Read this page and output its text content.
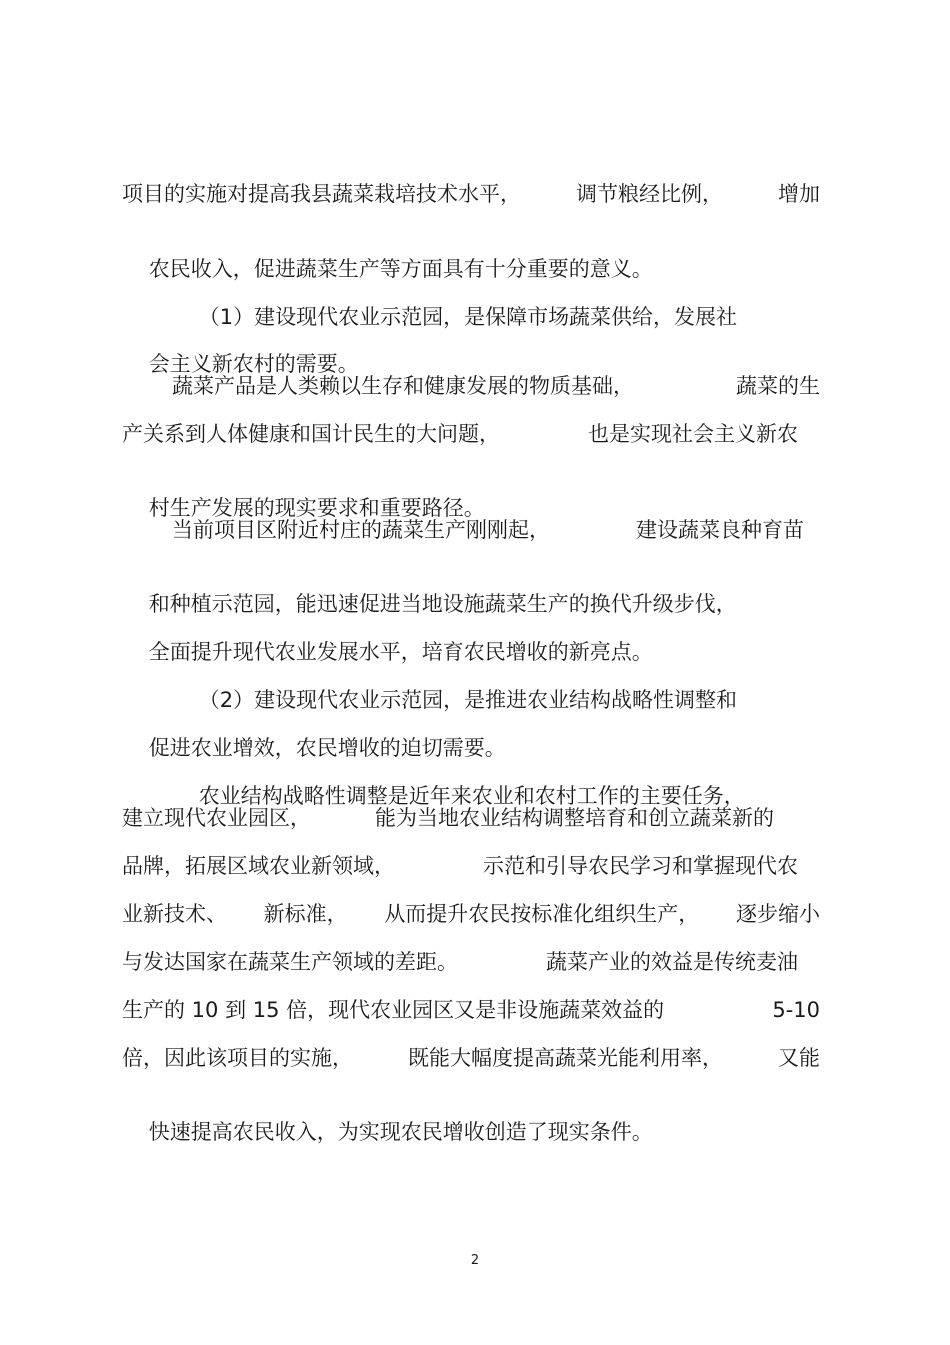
项目的实施对提高我县蔬菜栽培技术水平，	调节粮经比例，	增加

农民收入，促进蔬菜生产等方面具有十分重要的意义。

（1）建设现代农业示范园，是保障市场蔬菜供给，发展社

会主义新农村的需要。

蔬菜产品是人类赖以生存和健康发展的物质基础，	蔬菜的生
产关系到人体健康和国计民生的大问题，	也是实现社会主义新农

村生产发展的现实要求和重要路径。

当前项目区附近村庄的蔬菜生产刚刚起，	建设蔬菜良种育苗

和种植示范园，能迅速促进当地设施蔬菜生产的换代升级步伐，

全面提升现代农业发展水平，培育农民增收的新亮点。

（2）建设现代农业示范园，是推进农业结构战略性调整和

促进农业增效，农民增收的迫切需要。

农业结构战略性调整是近年来农业和农村工作的主要任务，

建立现代农业园区，	能为当地农业结构调整培育和创立蔬菜新的
品牌，拓展区域农业新领域，	示范和引导农民学习和掌握现代农
业新技术、 新标准， 从而提升农民按标准化组织生产， 逐步缩小
与发达国家在蔬菜生产领域的差距。	蔬菜产业的效益是传统麦油
生产的 10 到 15 倍，现代农业园区又是非设施蔬菜效益的	5-10
倍，因此该项目的实施，	既能大幅度提高蔬菜光能利用率，	又能

快速提高农民收入，为实现农民增收创造了现实条件。

2
